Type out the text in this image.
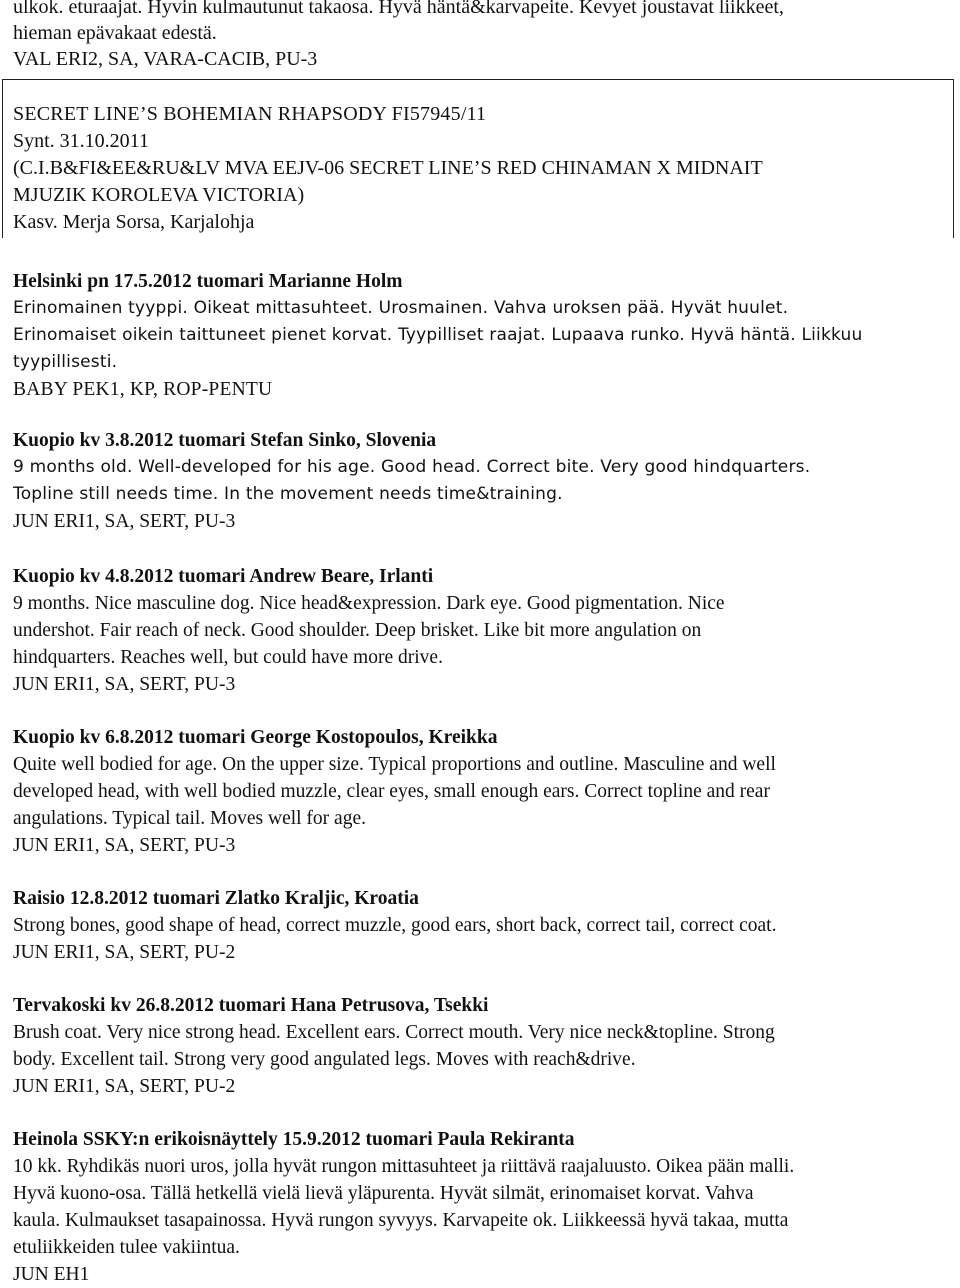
ulkok. eturaajat. Hyvin kulmautunut takaosa. Hyvä häntä&karvapeite. Kevyet joustavat liikkeet,

hieman epävakaat edestä.

VAL ERI2, SA, VARA-CACIB, PU-3

SECRET LINE’S BOHEMIAN RHAPSODY FI57945/11

Synt. 31.10.2011

(C.I.B&FI&EE&RU&LV MVA EEJV-06 SECRET LINE’S RED CHINAMAN X MIDNAIT

MJUZIK KOROLEVA VICTORIA)

Kasv. Merja Sorsa, Karjalohja

Helsinki pn 17.5.2012 tuomari Marianne Holm
Erinomainen tyyppi. Oikeat mittasuhteet. Urosmainen. Vahva uroksen pää. Hyvät huulet.
Erinomaiset oikein taittuneet pienet korvat. Tyypilliset raajat. Lupaava runko. Hyvä häntä. Liikkuu
tyypillisesti.
BABY PEK1, KP, ROP-PENTU
Kuopio kv 3.8.2012 tuomari Stefan Sinko, Slovenia
9 months old. Well-developed for his age. Good head. Correct bite. Very good hindquarters.
Topline still needs time. In the movement needs time&training.
JUN ERI1, SA, SERT, PU-3
Kuopio kv 4.8.2012 tuomari Andrew Beare, Irlanti
9 months. Nice masculine dog. Nice head&expression. Dark eye. Good pigmentation. Nice
undershot. Fair reach of neck. Good shoulder. Deep brisket. Like bit more angulation on
hindquarters. Reaches well, but could have more drive.
JUN ERI1, SA, SERT, PU-3
Kuopio kv 6.8.2012 tuomari George Kostopoulos, Kreikka
Quite well bodied for age. On the upper size. Typical proportions and outline. Masculine and well
developed head, with well bodied muzzle, clear eyes, small enough ears. Correct topline and rear
angulations. Typical tail. Moves well for age.
JUN ERI1, SA, SERT, PU-3
Raisio 12.8.2012 tuomari Zlatko Kraljic, Kroatia
Strong bones, good shape of head, correct muzzle, good ears, short back, correct tail, correct coat.
JUN ERI1, SA, SERT, PU-2
Tervakoski kv 26.8.2012 tuomari Hana Petrusova, Tsekki
Brush coat. Very nice strong head. Excellent ears. Correct mouth. Very nice neck&topline. Strong
body. Excellent tail. Strong very good angulated legs. Moves with reach&drive.
JUN ERI1, SA, SERT, PU-2
Heinola SSKY:n erikoisnäyttely 15.9.2012 tuomari Paula Rekiranta
10 kk. Ryhdikäs nuori uros, jolla hyvät rungon mittasuhteet ja riittävä raajaluusto. Oikea pään malli.
Hyvä kuono-osa. Tällä hetkellä vielä lievä yläpurenta. Hyvät silmät, erinomaiset korvat. Vahva
kaula. Kulmaukset tasapainossa. Hyvä rungon syvyys. Karvapeite ok. Liikkeessä hyvä takaa, mutta
etuliikkeiden tulee vakiintua.
JUN EH1
